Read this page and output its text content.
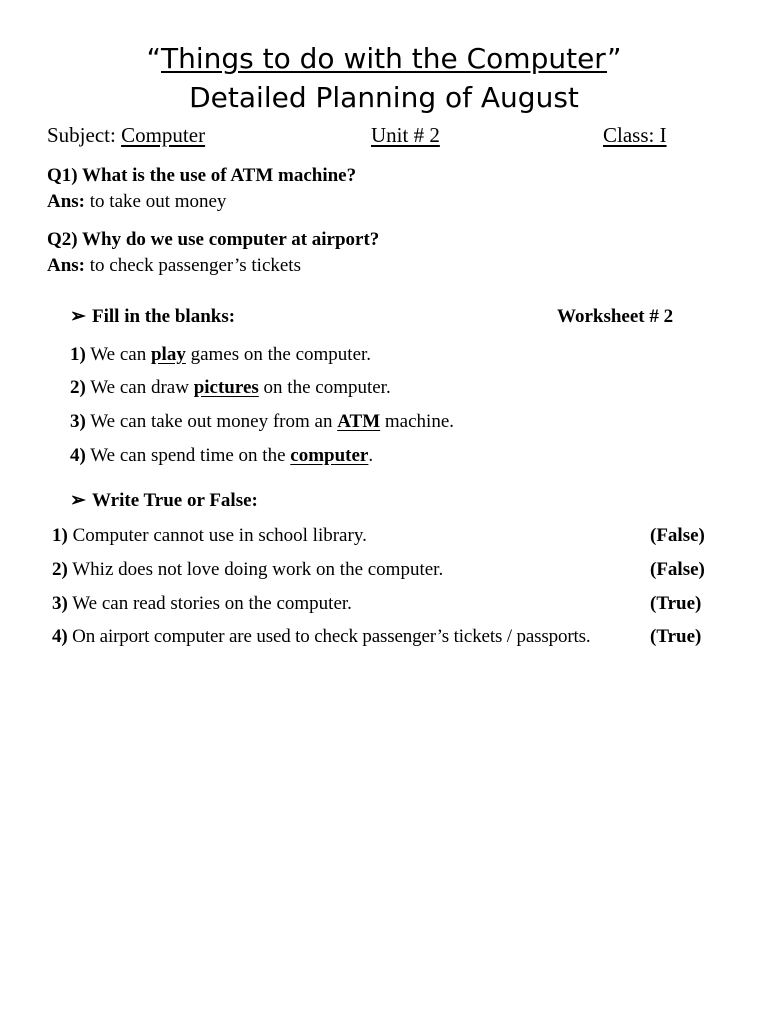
“Things to do with the Computer”
Detailed Planning of August
Subject: Computer	Unit # 2	Class: I
Q1) What is the use of ATM machine?
Ans: to take out money
Q2) Why do we use computer at airport?
Ans: to check passenger’s tickets
➢ Fill in the blanks:	Worksheet # 2
1) We can play games on the computer.
2) We can draw pictures on the computer.
3) We can take out money from an ATM machine.
4) We can spend time on the computer.
➢ Write True or False:
1) Computer cannot use in school library.	(False)
2) Whiz does not love doing work on the computer.	(False)
3) We can read stories on the computer.	(True)
4) On airport computer are used to check passenger’s tickets / passports.	(True)
